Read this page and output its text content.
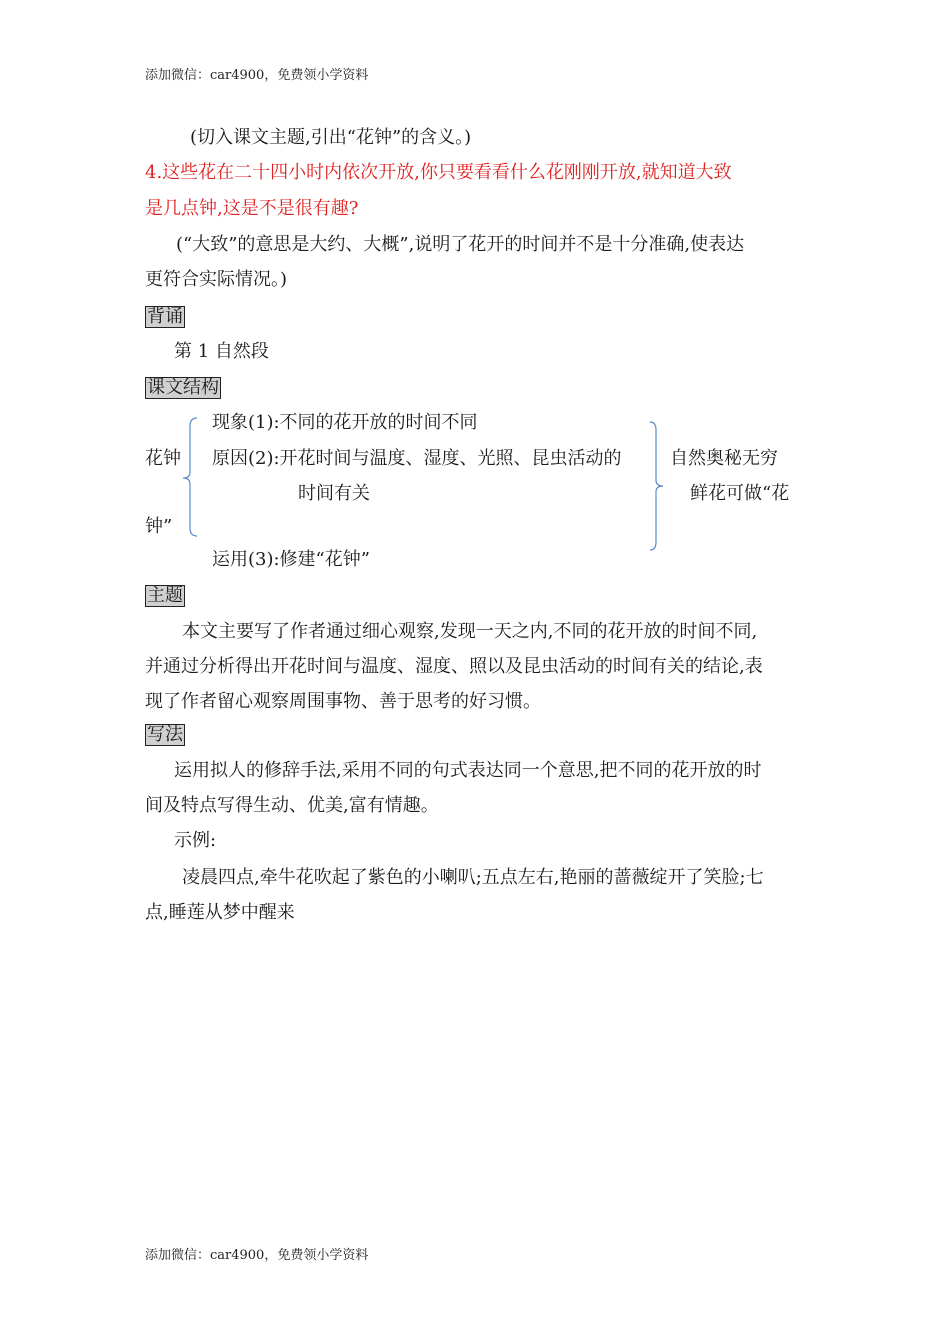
添加微信：car4900，免费领小学资料
(切入课文主题,引出“花钟”的含义。)
4.这些花在二十四小时内依次开放,你只要看看什么花刚刚开放,就知道大致
是几点钟,这是不是很有趣?
(“大致”的意思是大约、大概”,说明了花开的时间并不是十分准确,使表达
更符合实际情况。)
背诵
第 1 自然段
课文结构
花钟
钟”
现象(1):不同的花开放的时间不同
原因(2):开花时间与温度、湿度、光照、昆虫活动的
时间有关
运用(3):修建“花钟”
自然奥秘无穷
鲜花可做“花
主题
本文主要写了作者通过细心观察,发现一天之内,不同的花开放的时间不同,
并通过分析得出开花时间与温度、湿度、照以及昆虫活动的时间有关的结论,表
现了作者留心观察周围事物、善于思考的好习惯。
写法
运用拟人的修辞手法,采用不同的句式表达同一个意思,把不同的花开放的时
间及特点写得生动、优美,富有情趣。
示例:
凌晨四点,牵牛花吹起了紫色的小喇叭;五点左右,艳丽的蔷薇绽开了笑脸;七
点,睡莲从梦中醒来
添加微信：car4900，免费领小学资料
